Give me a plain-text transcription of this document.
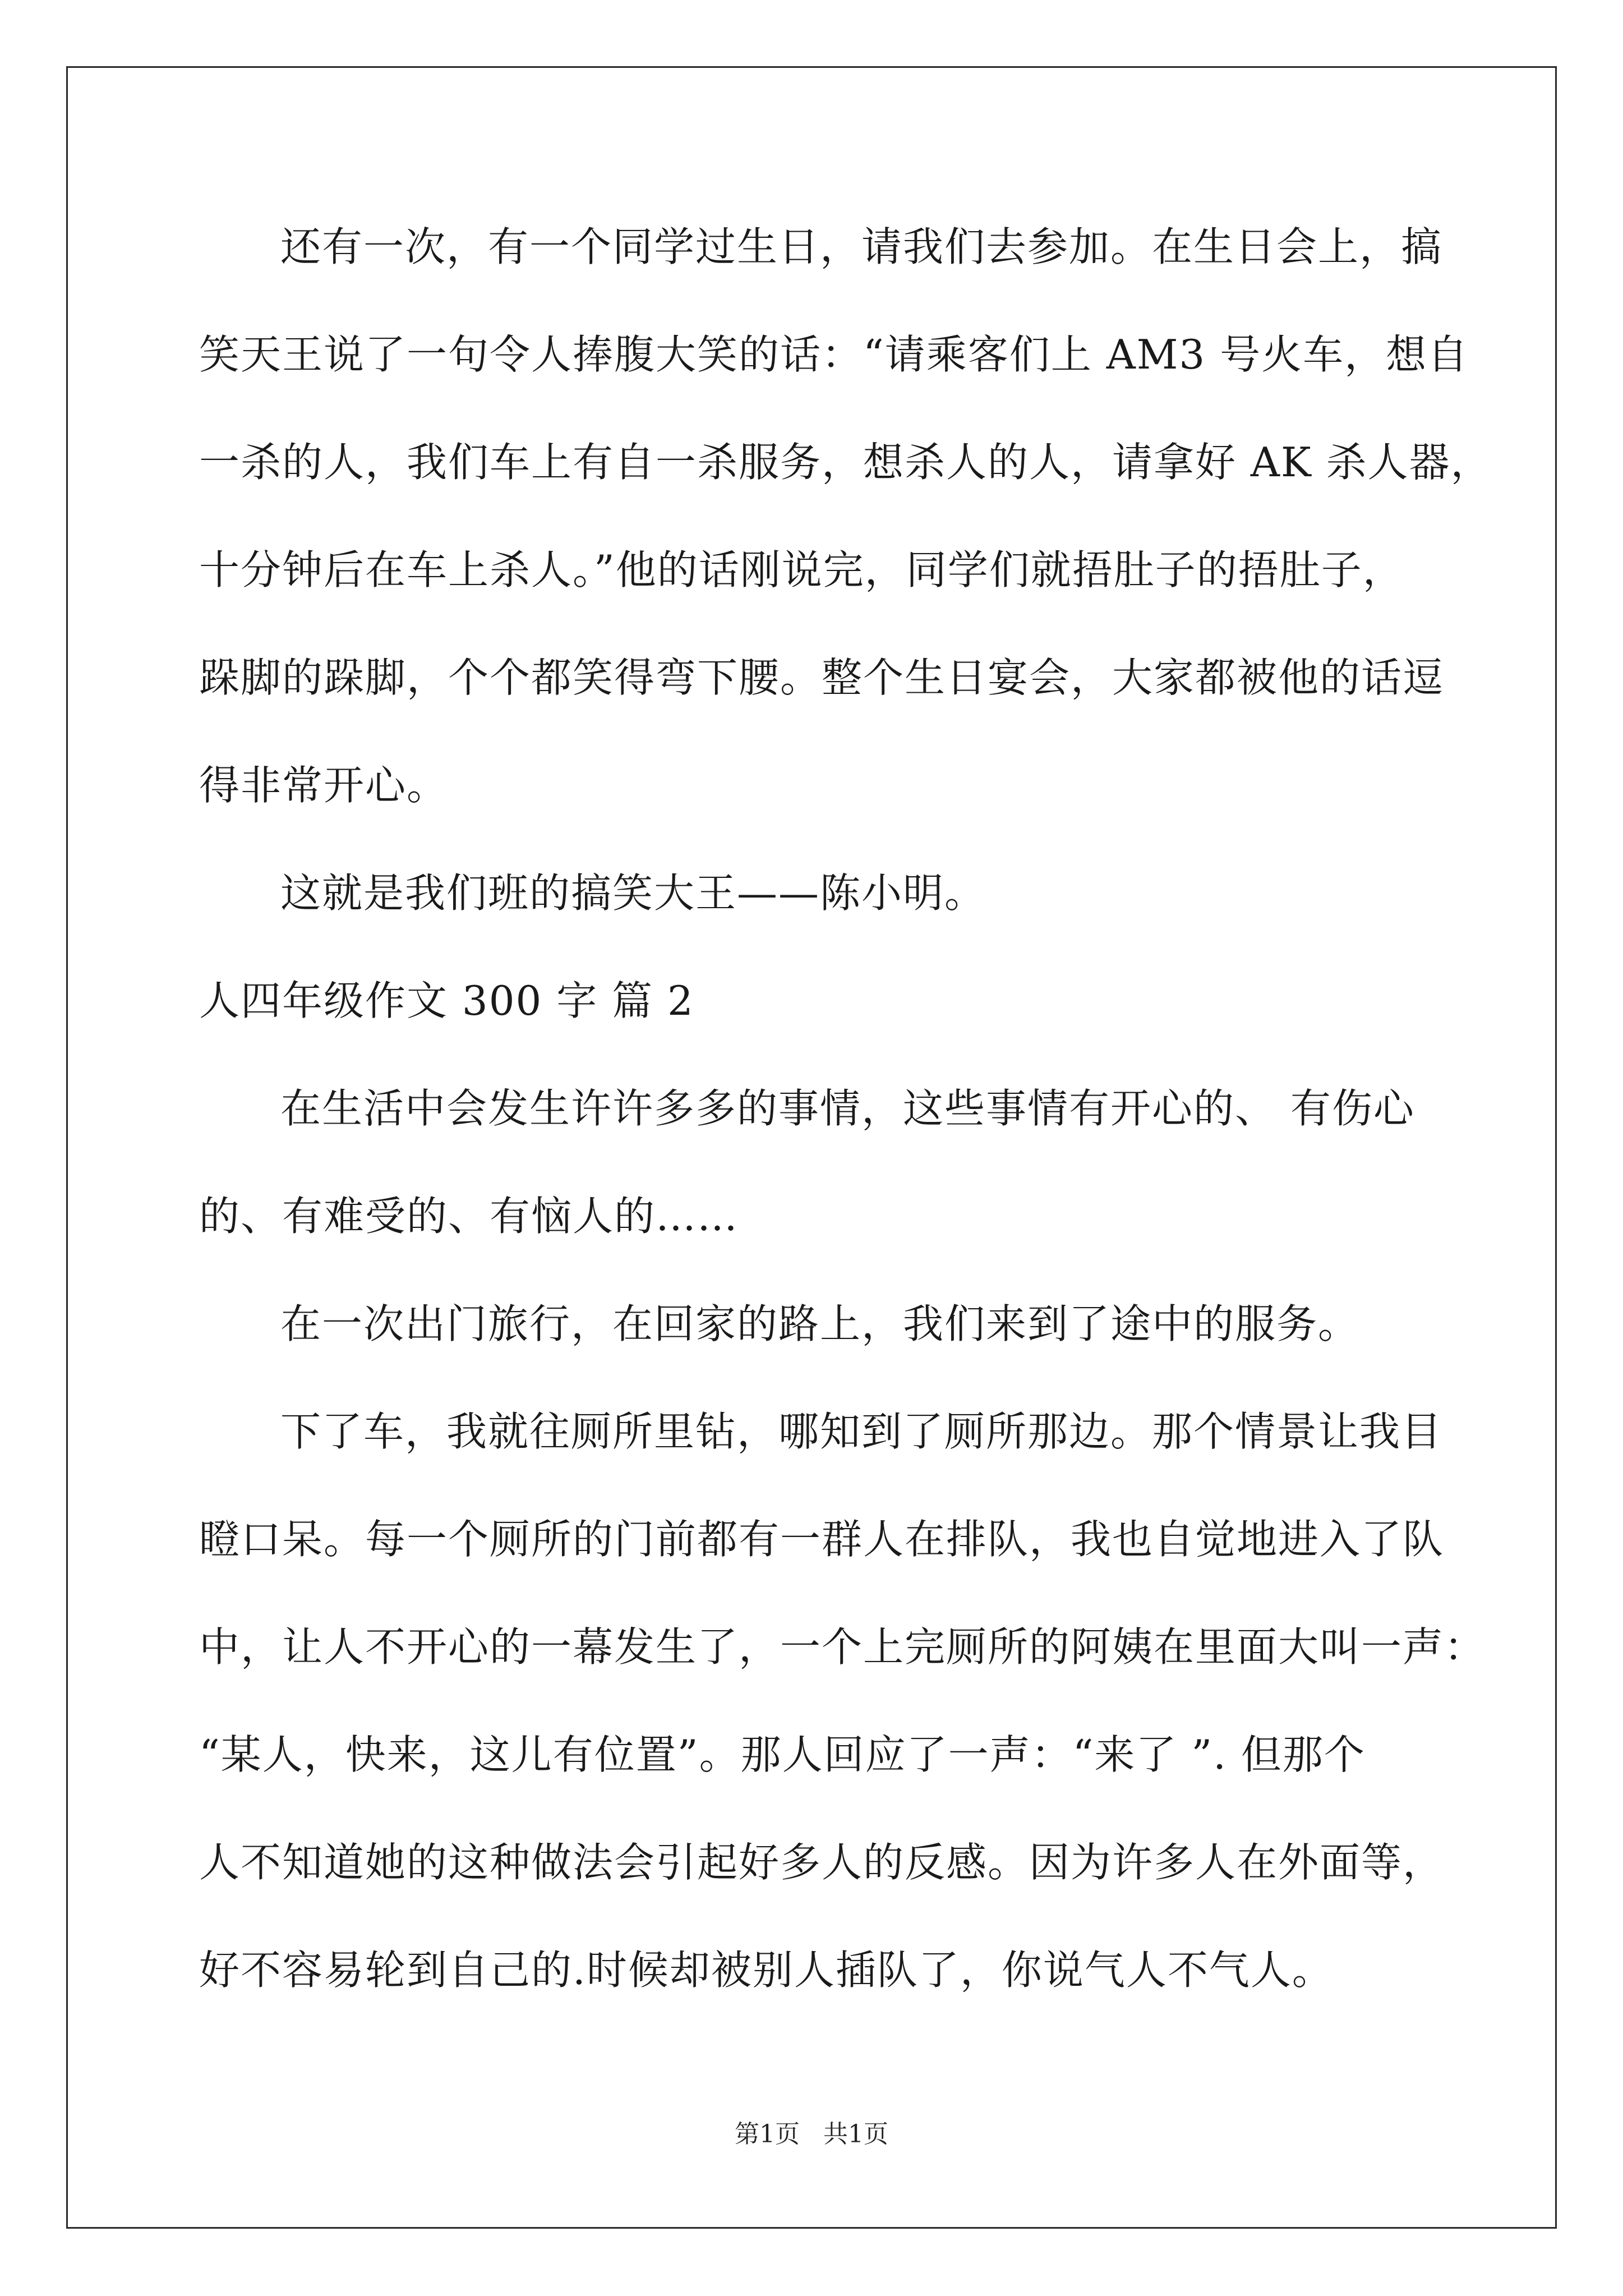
还有一次，有一个同学过生日，请我们去参加。在生日会上，搞
笑天王说了一句令人捧腹大笑的话：“请乘客们上 AM3 号火车，想自
一杀的人，我们车上有自一杀服务，想杀人的人，请拿好 AK 杀人器，
十分钟后在车上杀人。”他的话刚说完，同学们就捂肚子的捂肚子，
跺脚的跺脚，个个都笑得弯下腰。整个生日宴会，大家都被他的话逗
得非常开心。
这就是我们班的搞笑大王——陈小明。
人四年级作文 300 字 篇 2
在生活中会发生许许多多的事情，这些事情有开心的、 有伤心
的、有难受的、有恼人的……
在一次出门旅行，在回家的路上，我们来到了途中的服务。
下了车，我就往厕所里钻，哪知到了厕所那边。那个情景让我目
瞪口呆。每一个厕所的门前都有一群人在排队，我也自觉地进入了队
中，让人不开心的一幕发生了，一个上完厕所的阿姨在里面大叫一声：
“某人，快来，这儿有位置”。那人回应了一声：“来了 ”. 但那个
人不知道她的这种做法会引起好多人的反感。因为许多人在外面等，
好不容易轮到自己的.时候却被别人插队了，你说气人不气人。
第1页 共1页
